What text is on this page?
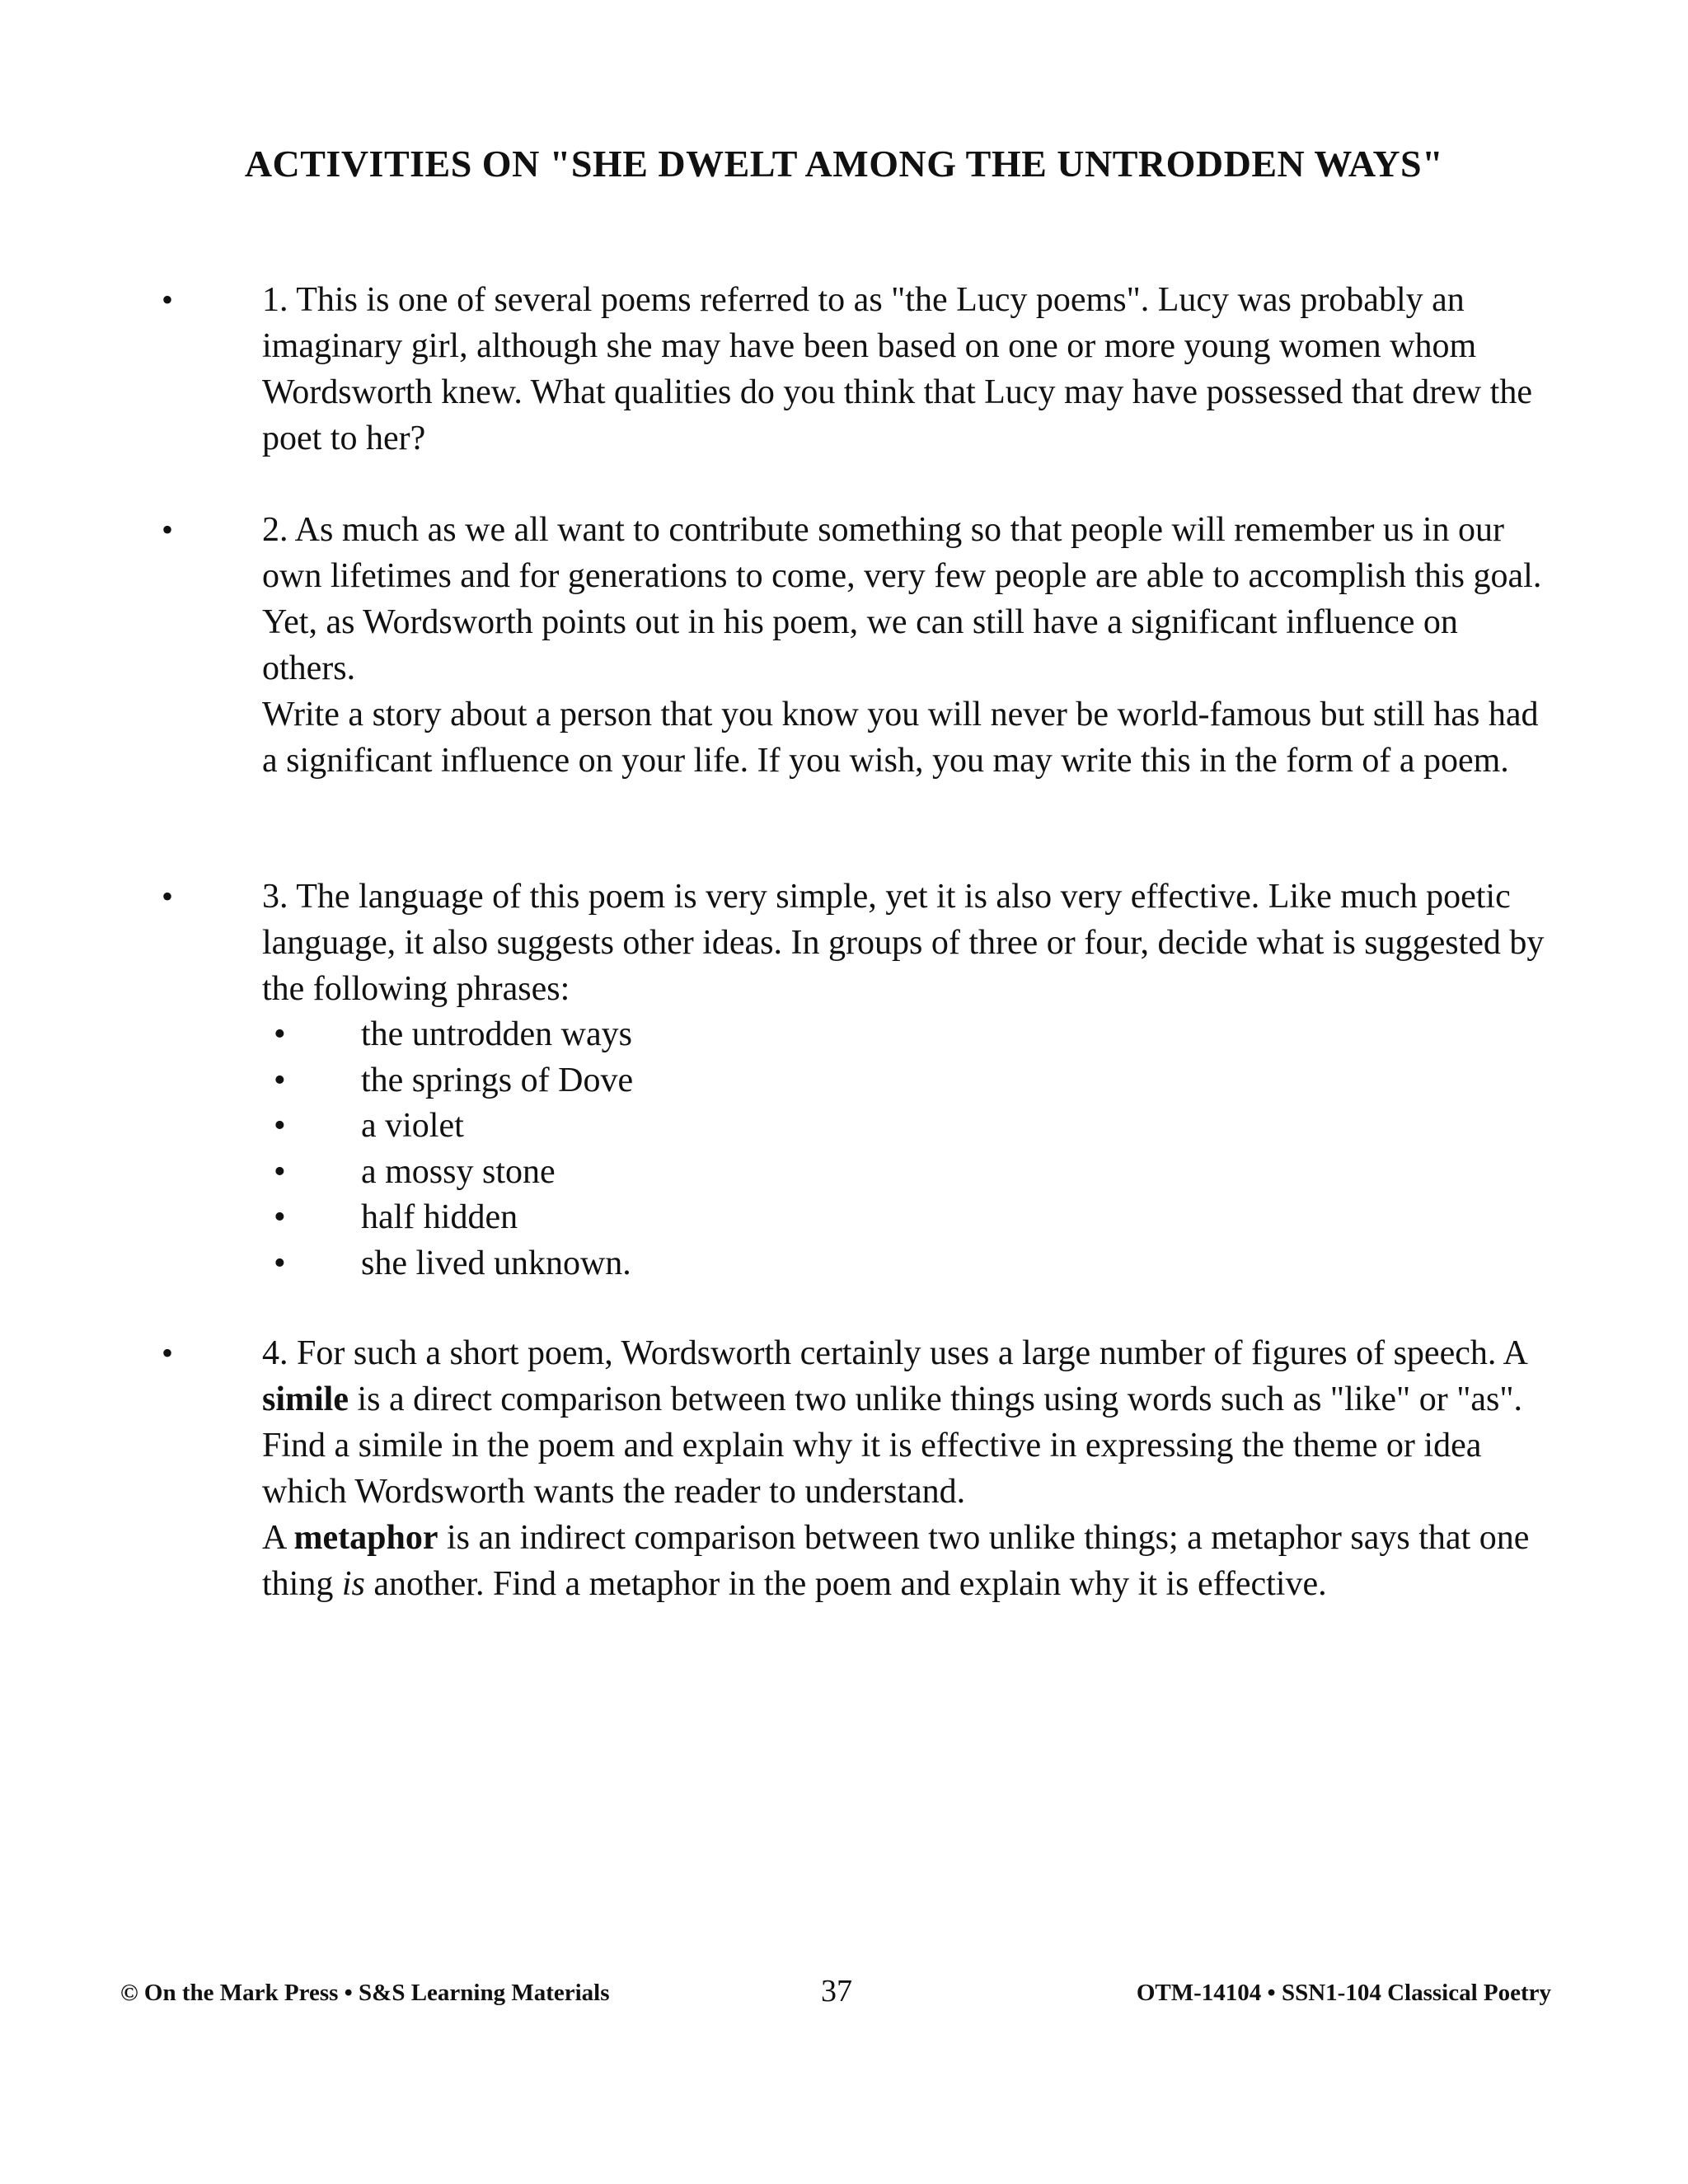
ACTIVITIES ON "SHE DWELT AMONG THE UNTRODDEN WAYS"
•	1. This is one of several poems referred to as "the Lucy poems". Lucy was probably an imaginary girl, although she may have been based on one or more young women whom Wordsworth knew. What qualities do you think that Lucy may have possessed that drew the poet to her?

•	2. As much as we all want to contribute something so that people will remember us in our own lifetimes and for generations to come, very few people are able to accomplish this goal. Yet, as Wordsworth points out in his poem, we can still have a significant influence on others.

Write a story about a person that you know you will never be world-famous but still has had a significant influence on your life. If you wish, you may write this in the form of a poem.

•	3. The language of this poem is very simple, yet it is also very effective. Like much poetic language, it also suggests other ideas. In groups of three or four, decide what is suggested by the following phrases:

• the untrodden ways
• the springs of Dove
• a violet
• a mossy stone
• half hidden
• she lived unknown.
•	4. For such a short poem, Wordsworth certainly uses a large number of figures of speech. A simile is a direct comparison between two unlike things using words such as "like" or "as". Find a simile in the poem and explain why it is effective in expressing the theme or idea which Wordsworth wants the reader to understand.

A metaphor is an indirect comparison between two unlike things; a metaphor says that one thing is another. Find a metaphor in the poem and explain why it is effective.

© On the Mark Press • S&S Learning Materials	37	OTM-14104 • SSN1-104 Classical Poetry
